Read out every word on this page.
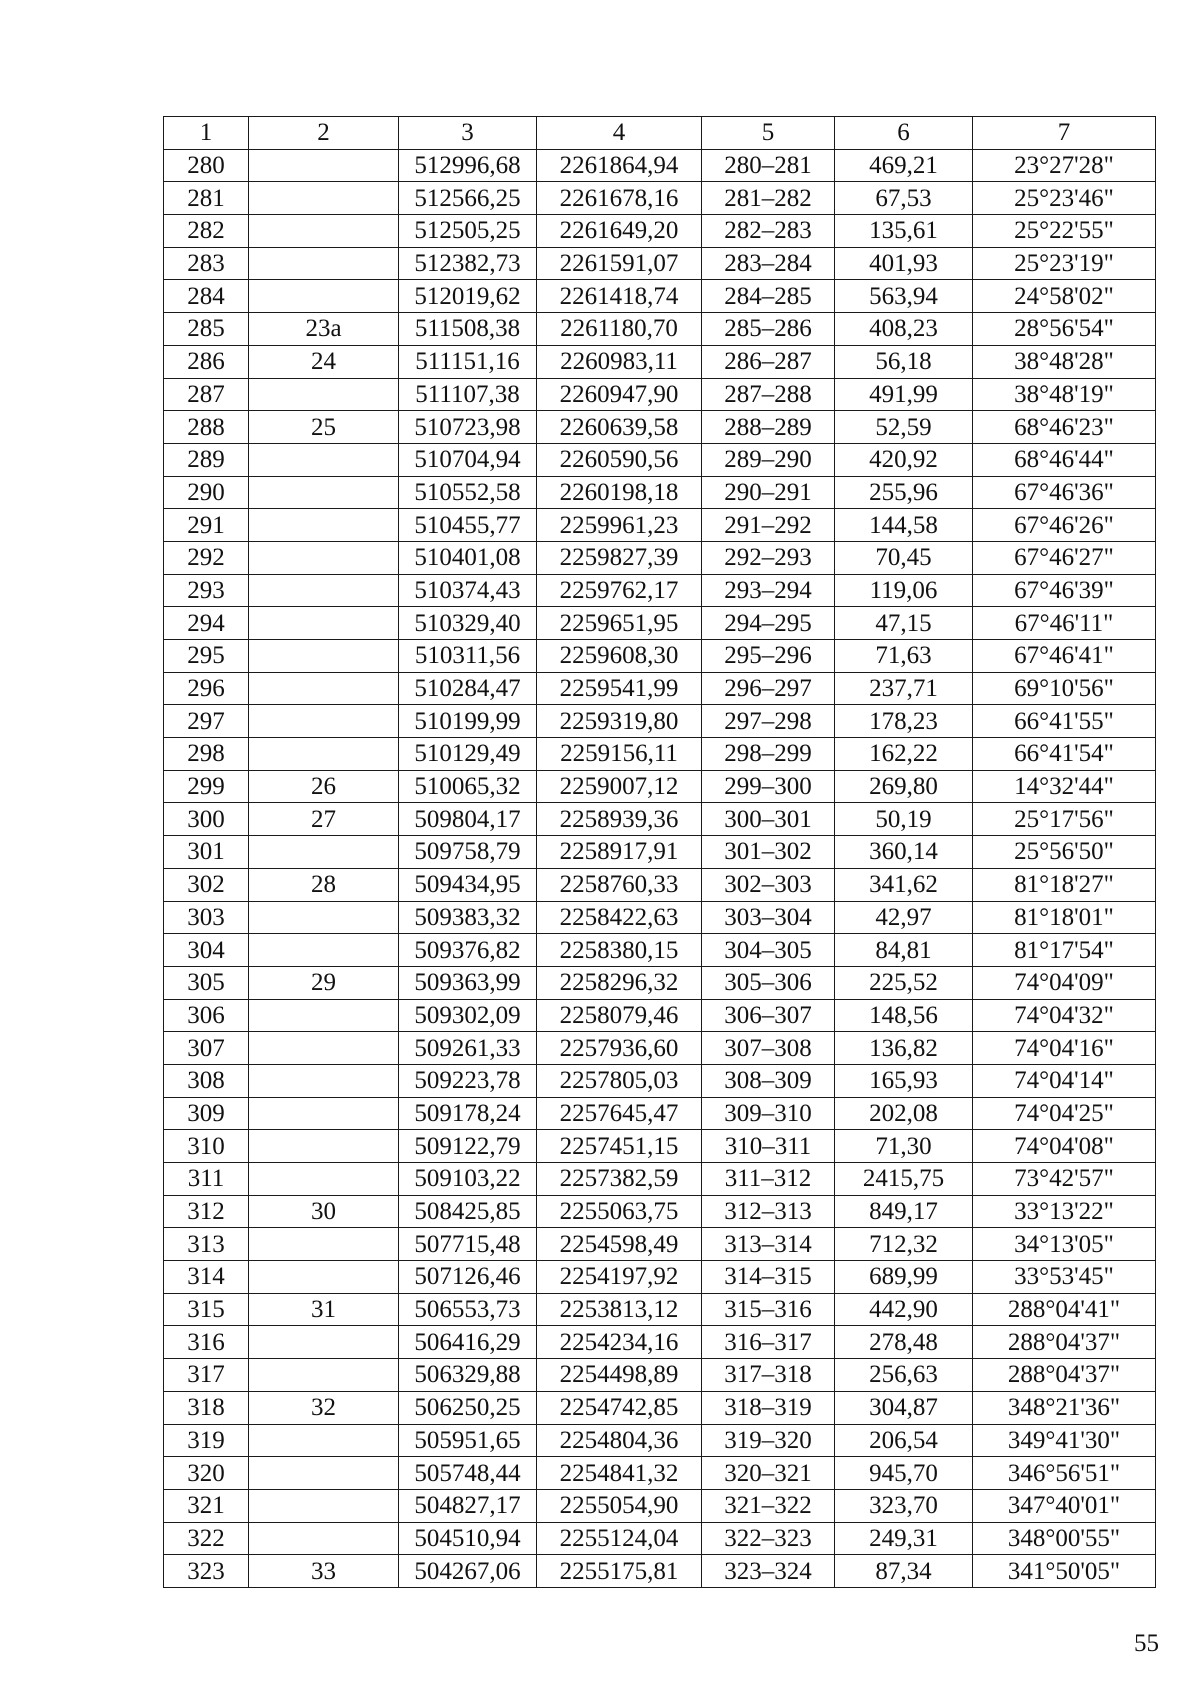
1	2	3	4	5	6	7
280		512996,68	2261864,94	280–281	469,21	23°27'28"
281		512566,25	2261678,16	281–282	67,53	25°23'46"
282		512505,25	2261649,20	282–283	135,61	25°22'55"
283		512382,73	2261591,07	283–284	401,93	25°23'19"
284		512019,62	2261418,74	284–285	563,94	24°58'02"
285	23a	511508,38	2261180,70	285–286	408,23	28°56'54"
286	24	511151,16	2260983,11	286–287	56,18	38°48'28"
287		511107,38	2260947,90	287–288	491,99	38°48'19"
288	25	510723,98	2260639,58	288–289	52,59	68°46'23"
289		510704,94	2260590,56	289–290	420,92	68°46'44"
290		510552,58	2260198,18	290–291	255,96	67°46'36"
291		510455,77	2259961,23	291–292	144,58	67°46'26"
292		510401,08	2259827,39	292–293	70,45	67°46'27"
293		510374,43	2259762,17	293–294	119,06	67°46'39"
294		510329,40	2259651,95	294–295	47,15	67°46'11"
295		510311,56	2259608,30	295–296	71,63	67°46'41"
296		510284,47	2259541,99	296–297	237,71	69°10'56"
297		510199,99	2259319,80	297–298	178,23	66°41'55"
298		510129,49	2259156,11	298–299	162,22	66°41'54"
299	26	510065,32	2259007,12	299–300	269,80	14°32'44"
300	27	509804,17	2258939,36	300–301	50,19	25°17'56"
301		509758,79	2258917,91	301–302	360,14	25°56'50"
302	28	509434,95	2258760,33	302–303	341,62	81°18'27"
303		509383,32	2258422,63	303–304	42,97	81°18'01"
304		509376,82	2258380,15	304–305	84,81	81°17'54"
305	29	509363,99	2258296,32	305–306	225,52	74°04'09"
306		509302,09	2258079,46	306–307	148,56	74°04'32"
307		509261,33	2257936,60	307–308	136,82	74°04'16"
308		509223,78	2257805,03	308–309	165,93	74°04'14"
309		509178,24	2257645,47	309–310	202,08	74°04'25"
310		509122,79	2257451,15	310–311	71,30	74°04'08"
311		509103,22	2257382,59	311–312	2415,75	73°42'57"
312	30	508425,85	2255063,75	312–313	849,17	33°13'22"
313		507715,48	2254598,49	313–314	712,32	34°13'05"
314		507126,46	2254197,92	314–315	689,99	33°53'45"
315	31	506553,73	2253813,12	315–316	442,90	288°04'41"
316		506416,29	2254234,16	316–317	278,48	288°04'37"
317		506329,88	2254498,89	317–318	256,63	288°04'37"
318	32	506250,25	2254742,85	318–319	304,87	348°21'36"
319		505951,65	2254804,36	319–320	206,54	349°41'30"
320		505748,44	2254841,32	320–321	945,70	346°56'51"
321		504827,17	2255054,90	321–322	323,70	347°40'01"
322		504510,94	2255124,04	322–323	249,31	348°00'55"
323	33	504267,06	2255175,81	323–324	87,34	341°50'05"
55
